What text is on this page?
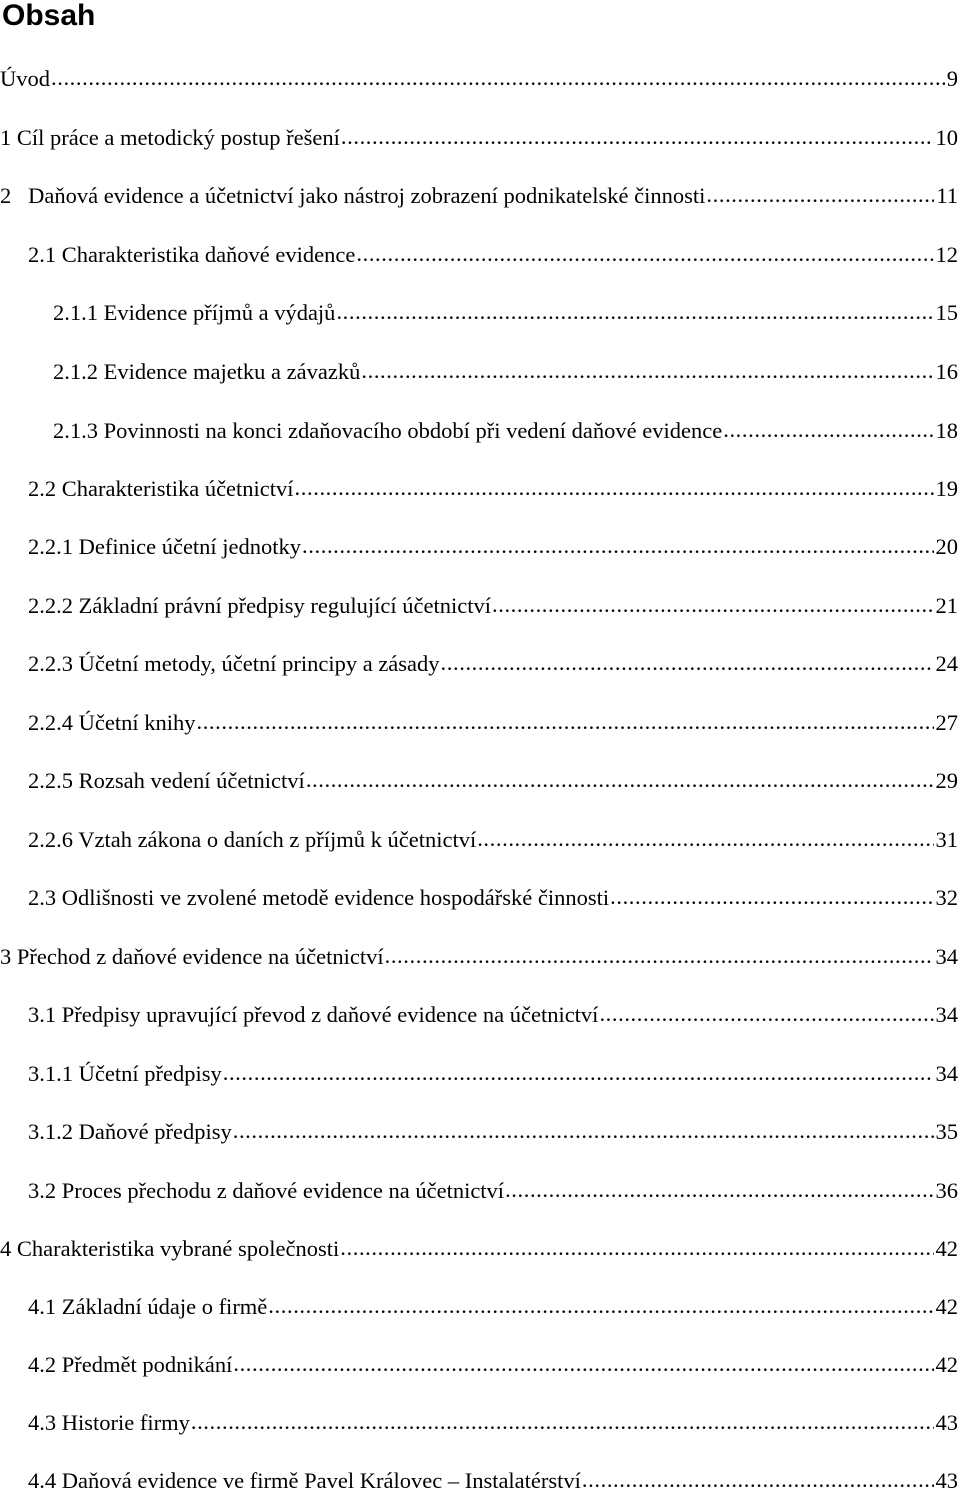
Obsah
Úvod .....	9
1 Cíl práce a metodický postup řešení .....	10
2   Daňová evidence a účetnictví jako nástroj zobrazení podnikatelské činnosti .....	11
2.1 Charakteristika daňové evidence .....	12
2.1.1 Evidence příjmů a výdajů .....	15
2.1.2 Evidence majetku a závazků .....	16
2.1.3 Povinnosti na konci zdaňovacího období při vedení daňové evidence .....	18
2.2 Charakteristika účetnictví .....	19
2.2.1 Definice účetní jednotky .....	20
2.2.2 Základní právní předpisy regulující účetnictví .....	21
2.2.3 Účetní metody, účetní principy a zásady .....	24
2.2.4 Účetní knihy .....	27
2.2.5 Rozsah vedení účetnictví .....	29
2.2.6 Vztah zákona o daních z příjmů k účetnictví .....	31
2.3 Odlišnosti ve zvolené metodě evidence hospodářské činnosti .....	32
3 Přechod z daňové evidence na účetnictví .....	34
3.1 Předpisy upravující převod z daňové evidence na účetnictví .....	34
3.1.1 Účetní předpisy .....	34
3.1.2 Daňové předpisy .....	35
3.2 Proces přechodu z daňové evidence na účetnictví .....	36
4 Charakteristika vybrané společnosti .....	42
4.1 Základní údaje o firmě .....	42
4.2 Předmět podnikání .....	42
4.3 Historie firmy .....	43
4.4 Daňová evidence ve firmě Pavel Královec – Instalatérství .....	43
